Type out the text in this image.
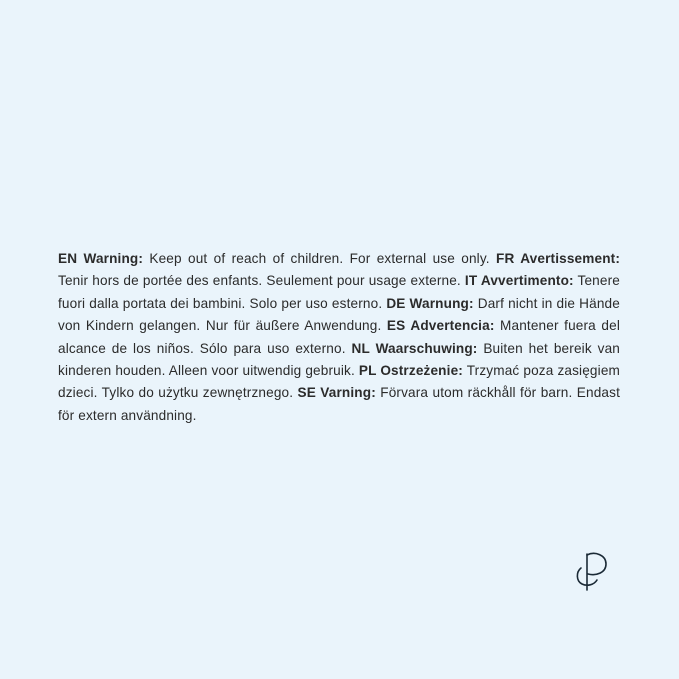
EN Warning: Keep out of reach of children. For external use only. FR Avertissement: Tenir hors de portée des enfants. Seulement pour usage externe. IT Avvertimento: Tenere fuori dalla portata dei bambini. Solo per uso esterno. DE Warnung: Darf nicht in die Hände von Kindern gelangen. Nur für äußere Anwendung. ES Advertencia: Mantener fuera del alcance de los niños. Sólo para uso externo. NL Waarschuwing: Buiten het bereik van kinderen houden. Alleen voor uitwendig gebruik. PL Ostrzeżenie: Trzymać poza zasięgiem dzieci. Tylko do użytku zewnętrznego. SE Varning: Förvara utom räckhåll för barn. Endast för extern användning.
